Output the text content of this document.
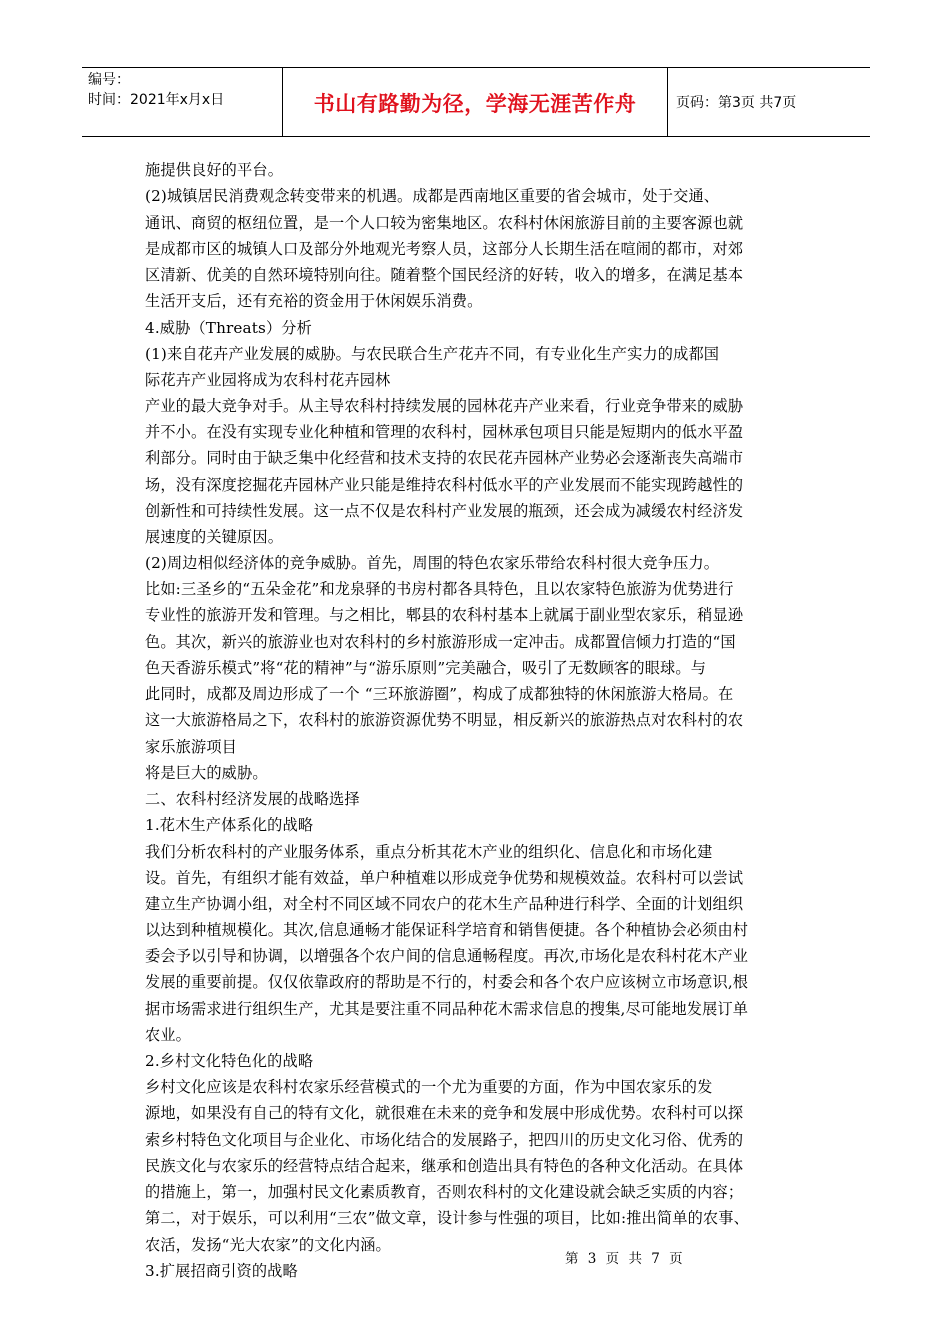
编号：
时间：2021年x月x日	书山有路勤为径，学海无涯苦作舟	页码：第3页 共7页
施提供良好的平台。
(2)城镇居民消费观念转变带来的机遇。成都是西南地区重要的省会城市，处于交通、
通讯、商贸的枢纽位置，是一个人口较为密集地区。农科村休闲旅游目前的主要客源也就
是成都市区的城镇人口及部分外地观光考察人员，这部分人长期生活在喧闹的都市，对郊
区清新、优美的自然环境特别向往。随着整个国民经济的好转，收入的增多，在满足基本
生活开支后，还有充裕的资金用于休闲娱乐消费。
4.威胁（Threats）分析
(1)来自花卉产业发展的威胁。与农民联合生产花卉不同，有专业化生产实力的成都国
际花卉产业园将成为农科村花卉园林
产业的最大竞争对手。从主导农科村持续发展的园林花卉产业来看，行业竞争带来的威胁
并不小。在没有实现专业化种植和管理的农科村，园林承包项目只能是短期内的低水平盈
利部分。同时由于缺乏集中化经营和技术支持的农民花卉园林产业势必会逐渐丧失高端市
场，没有深度挖掘花卉园林产业只能是维持农科村低水平的产业发展而不能实现跨越性的
创新性和可持续性发展。这一点不仅是农科村产业发展的瓶颈，还会成为减缓农村经济发
展速度的关键原因。
(2)周边相似经济体的竞争威胁。首先，周围的特色农家乐带给农科村很大竞争压力。
比如:三圣乡的“五朵金花”和龙泉驿的书房村都各具特色，且以农家特色旅游为优势进行
专业性的旅游开发和管理。与之相比，郫县的农科村基本上就属于副业型农家乐，稍显逊
色。其次，新兴的旅游业也对农科村的乡村旅游形成一定冲击。成都置信倾力打造的“国
色天香游乐模式”将“花的精神”与“游乐原则”完美融合，吸引了无数顾客的眼球。与
此同时，成都及周边形成了一个 “三环旅游圈”，构成了成都独特的休闲旅游大格局。在
这一大旅游格局之下，农科村的旅游资源优势不明显，相反新兴的旅游热点对农科村的农
家乐旅游项目
将是巨大的威胁。
二、农科村经济发展的战略选择
1.花木生产体系化的战略
我们分析农科村的产业服务体系，重点分析其花木产业的组织化、信息化和市场化建
设。首先，有组织才能有效益，单户种植难以形成竞争优势和规模效益。农科村可以尝试
建立生产协调小组，对全村不同区域不同农户的花木生产品种进行科学、全面的计划组织
以达到种植规模化。其次,信息通畅才能保证科学培育和销售便捷。各个种植协会必须由村
委会予以引导和协调，以增强各个农户间的信息通畅程度。再次,市场化是农科村花木产业
发展的重要前提。仅仅依靠政府的帮助是不行的，村委会和各个农户应该树立市场意识,根
据市场需求进行组织生产，尤其是要注重不同品种花木需求信息的搜集,尽可能地发展订单
农业。
2.乡村文化特色化的战略
乡村文化应该是农科村农家乐经营模式的一个尤为重要的方面，作为中国农家乐的发
源地，如果没有自己的特有文化，就很难在未来的竞争和发展中形成优势。农科村可以探
索乡村特色文化项目与企业化、市场化结合的发展路子，把四川的历史文化习俗、优秀的
民族文化与农家乐的经营特点结合起来，继承和创造出具有特色的各种文化活动。在具体
的措施上，第一，加强村民文化素质教育，否则农科村的文化建设就会缺乏实质的内容；
第二，对于娱乐，可以利用“三农”做文章，设计参与性强的项目，比如:推出简单的农事、
农活，发扬“光大农家”的文化内涵。
3.扩展招商引资的战略
第 3 页 共 7 页
